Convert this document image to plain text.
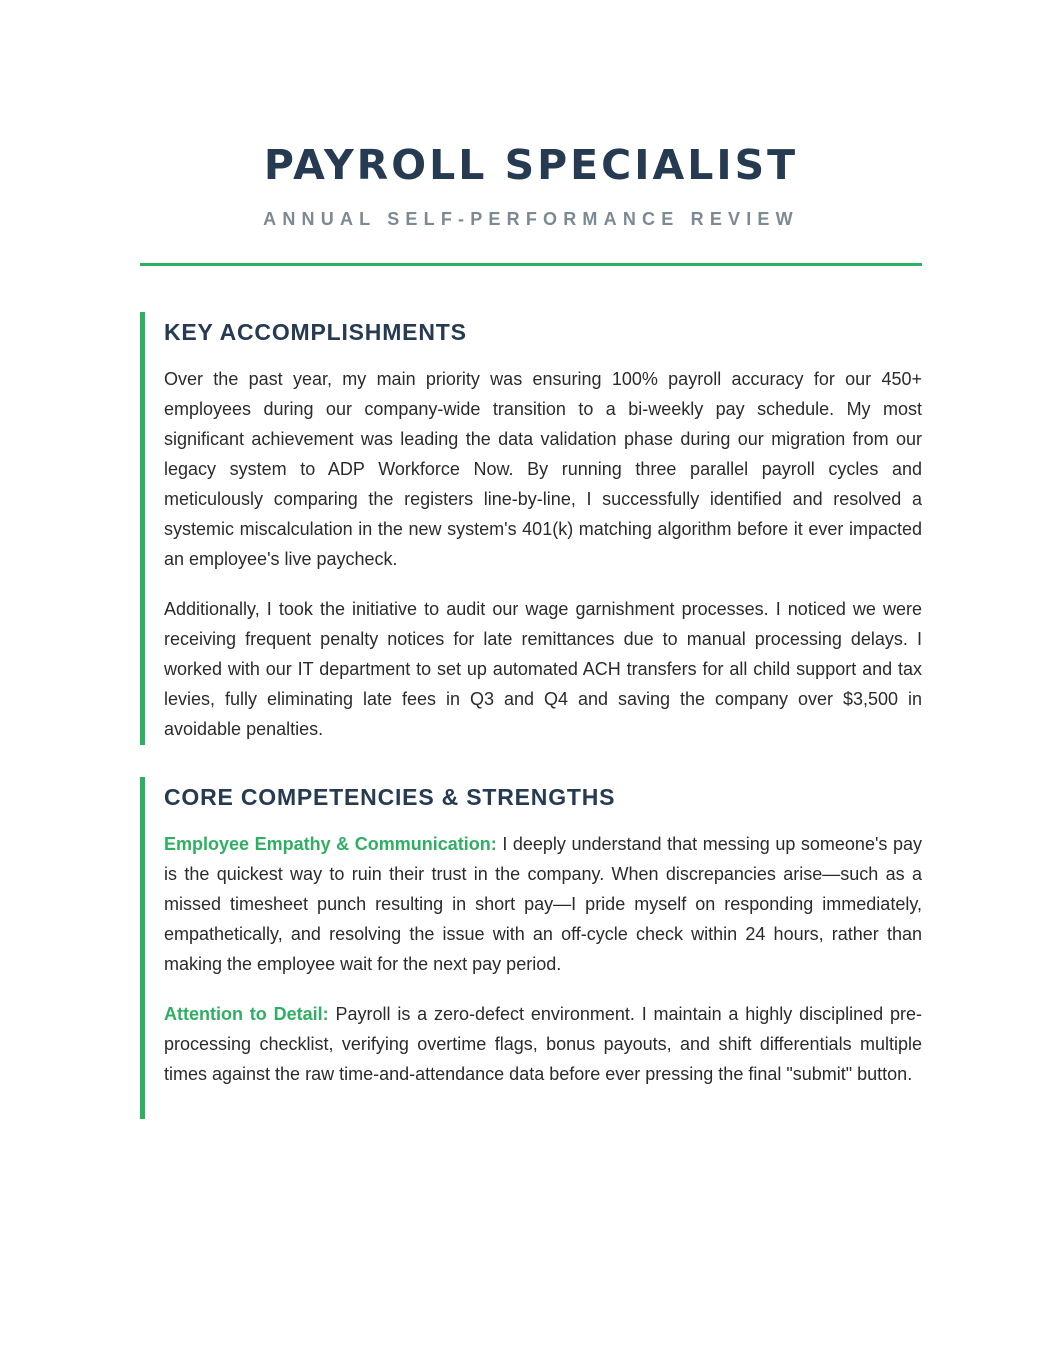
PAYROLL SPECIALIST
ANNUAL SELF-PERFORMANCE REVIEW
KEY ACCOMPLISHMENTS

Over the past year, my main priority was ensuring 100% payroll accuracy for our 450+ employees during our company-wide transition to a bi-weekly pay schedule. My most significant achievement was leading the data validation phase during our migration from our legacy system to ADP Workforce Now. By running three parallel payroll cycles and meticulously comparing the registers line-by-line, I successfully identified and resolved a systemic miscalculation in the new system's 401(k) matching algorithm before it ever impacted an employee's live paycheck.

Additionally, I took the initiative to audit our wage garnishment processes. I noticed we were receiving frequent penalty notices for late remittances due to manual processing delays. I worked with our IT department to set up automated ACH transfers for all child support and tax levies, fully eliminating late fees in Q3 and Q4 and saving the company over $3,500 in avoidable penalties.

CORE COMPETENCIES & STRENGTHS

Employee Empathy & Communication: I deeply understand that messing up someone's pay is the quickest way to ruin their trust in the company. When discrepancies arise—such as a missed timesheet punch resulting in short pay—I pride myself on responding immediately, empathetically, and resolving the issue with an off-cycle check within 24 hours, rather than making the employee wait for the next pay period.

Attention to Detail: Payroll is a zero-defect environment. I maintain a highly disciplined pre-processing checklist, verifying overtime flags, bonus payouts, and shift differentials multiple times against the raw time-and-attendance data before ever pressing the final "submit" button.
